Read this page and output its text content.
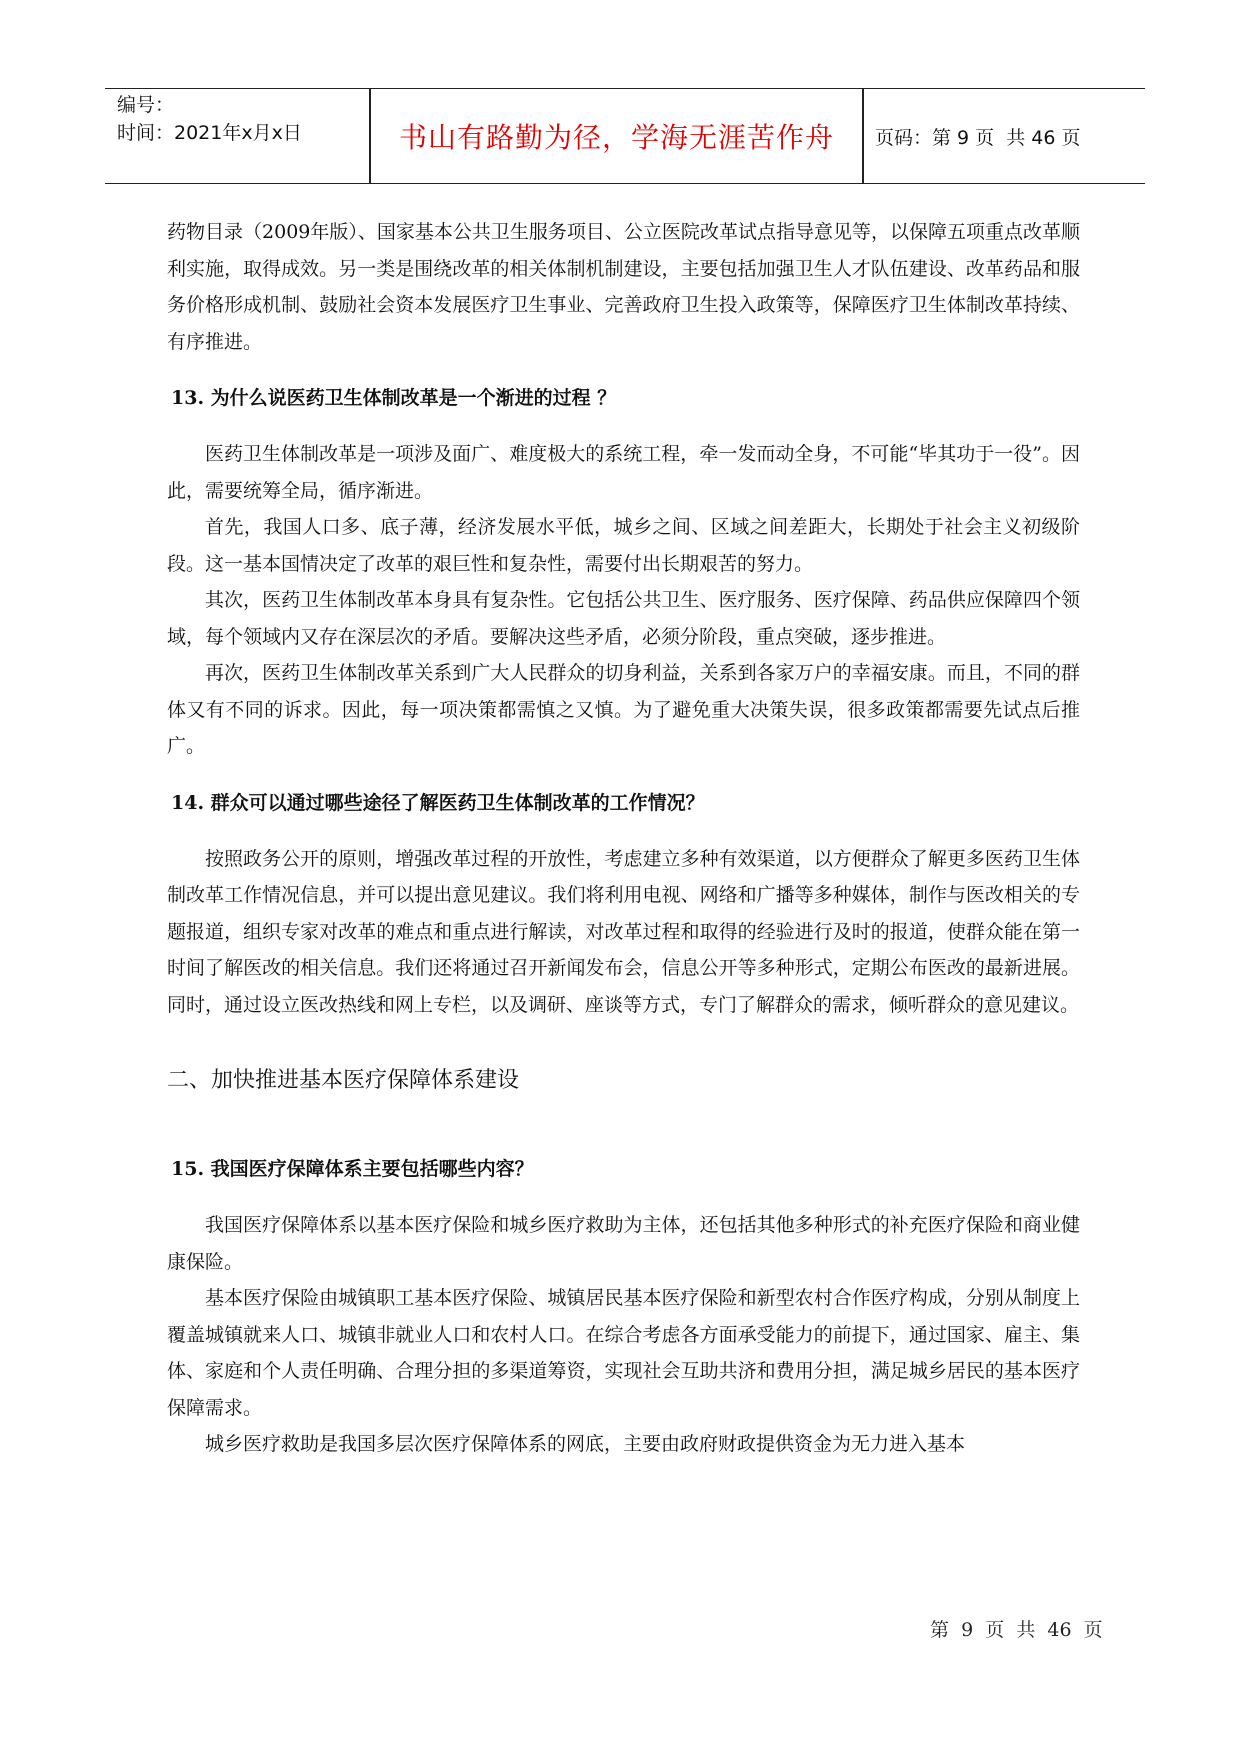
编号：
时间：2021年x月x日	书山有路勤为径，学海无涯苦作舟	页码：第 9 页  共 46 页

药物目录（2009年版）、国家基本公共卫生服务项目、公立医院改革试点指导意见等，以保障五项重点改革顺利实施，取得成效。另一类是围绕改革的相关体制机制建设，主要包括加强卫生人才队伍建设、改革药品和服务价格形成机制、鼓励社会资本发展医疗卫生事业、完善政府卫生投入政策等，保障医疗卫生体制改革持续、有序推进。

13. 为什么说医药卫生体制改革是一个渐进的过程 ？

医药卫生体制改革是一项涉及面广、难度极大的系统工程，牵一发而动全身，不可能“毕其功于一役”。因此，需要统筹全局，循序渐进。

首先，我国人口多、底子薄，经济发展水平低，城乡之间、区域之间差距大，长期处于社会主义初级阶段。这一基本国情决定了改革的艰巨性和复杂性，需要付出长期艰苦的努力。

其次，医药卫生体制改革本身具有复杂性。它包括公共卫生、医疗服务、医疗保障、药品供应保障四个领域，每个领域内又存在深层次的矛盾。要解决这些矛盾，必须分阶段，重点突破，逐步推进。

再次，医药卫生体制改革关系到广大人民群众的切身利益，关系到各家万户的幸福安康。而且，不同的群体又有不同的诉求。因此，每一项决策都需慎之又慎。为了避免重大决策失误，很多政策都需要先试点后推广。

14. 群众可以通过哪些途径了解医药卫生体制改革的工作情况？

按照政务公开的原则，增强改革过程的开放性，考虑建立多种有效渠道，以方便群众了解更多医药卫生体制改革工作情况信息，并可以提出意见建议。我们将利用电视、网络和广播等多种媒体，制作与医改相关的专题报道，组织专家对改革的难点和重点进行解读，对改革过程和取得的经验进行及时的报道，使群众能在第一时间了解医改的相关信息。我们还将通过召开新闻发布会，信息公开等多种形式，定期公布医改的最新进展。同时，通过设立医改热线和网上专栏，以及调研、座谈等方式，专门了解群众的需求，倾听群众的意见建议。

二、加快推进基本医疗保障体系建设

15. 我国医疗保障体系主要包括哪些内容？

我国医疗保障体系以基本医疗保险和城乡医疗救助为主体，还包括其他多种形式的补充医疗保险和商业健康保险。

基本医疗保险由城镇职工基本医疗保险、城镇居民基本医疗保险和新型农村合作医疗构成，分别从制度上覆盖城镇就来人口、城镇非就业人口和农村人口。在综合考虑各方面承受能力的前提下，通过国家、雇主、集体、家庭和个人责任明确、合理分担的多渠道筹资，实现社会互助共济和费用分担，满足城乡居民的基本医疗保障需求。

城乡医疗救助是我国多层次医疗保障体系的网底，主要由政府财政提供资金为无力进入基本

第  9  页  共  46  页
